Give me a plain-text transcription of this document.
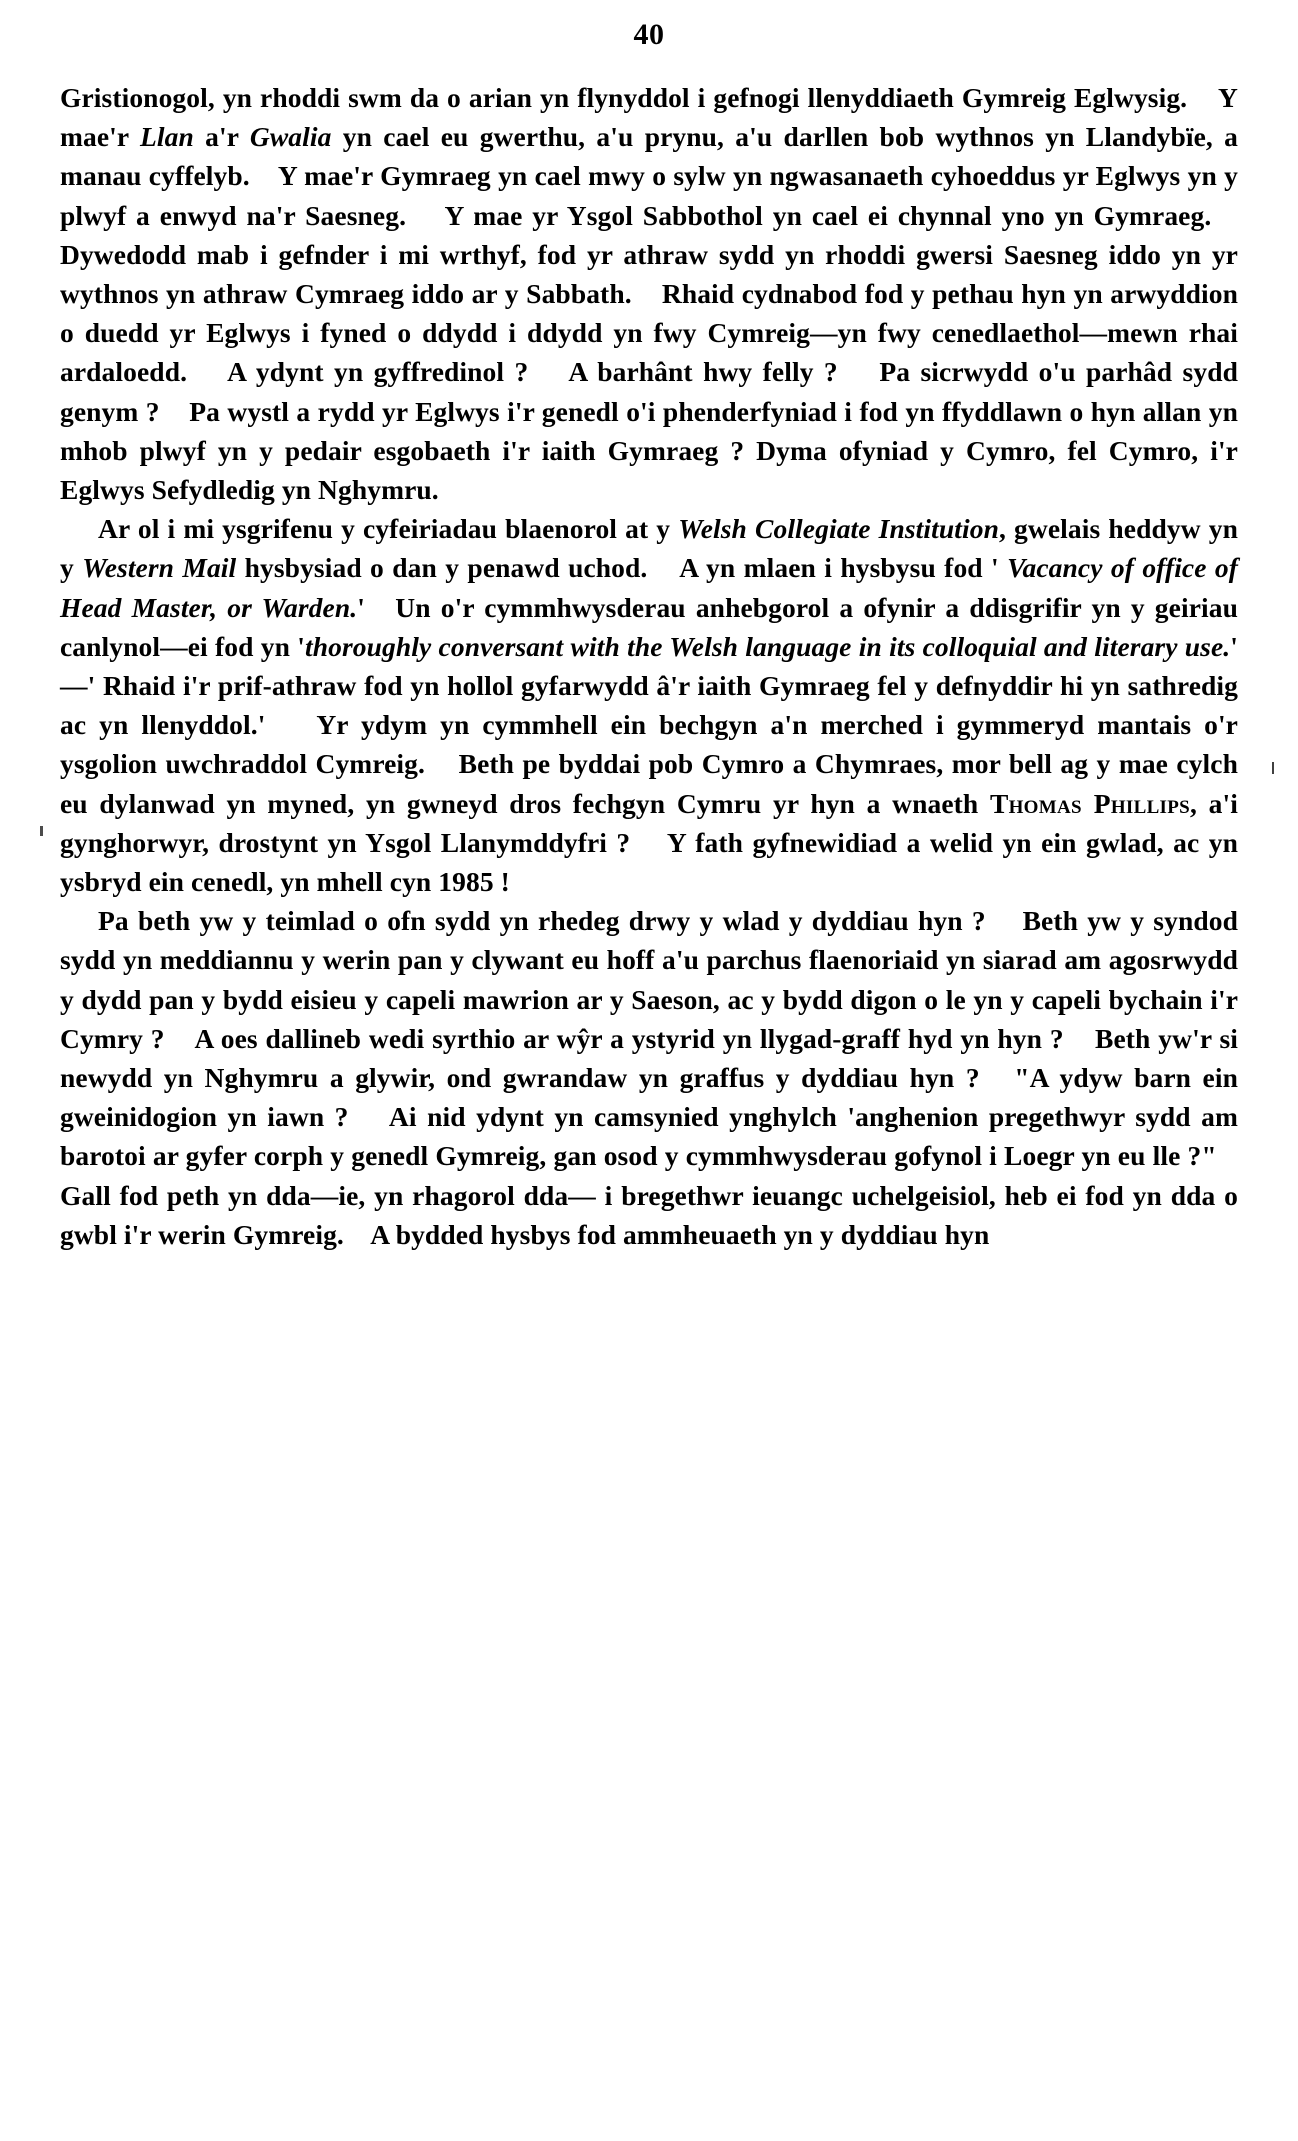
40

Gristionogol, yn rhoddi swm da o arian yn flynyddol i gefnogi llenyddiaeth Gymreig Eglwysig.    Y mae'r Llan a'r Gwalia yn cael eu gwerthu, a'u prynu, a'u darllen bob wythnos yn Llandybïe, a manau cyffelyb.    Y mae'r Gymraeg yn cael mwy o sylw yn ngwasanaeth cyhoeddus yr Eglwys yn y plwyf a enwyd na'r Saesneg.    Y mae yr Ysgol Sabbothol yn cael ei chynnal yno yn Gymraeg.    Dywedodd mab i gefnder i mi wrthyf, fod yr athraw sydd yn rhoddi gwersi Saesneg iddo yn yr wythnos yn athraw Cymraeg iddo ar y Sabbath.    Rhaid cydnabod fod y pethau hyn yn arwyddion o duedd yr Eglwys i fyned o ddydd i ddydd yn fwy Cymreig—yn fwy cenedlaethol—mewn rhai ardaloedd.    A ydynt yn gyffredinol ?    A barhânt hwy felly ?    Pa sicrwydd o'u parhâd sydd genym ?    Pa wystl a rydd yr Eglwys i'r genedl o'i phenderfyniad i fod yn ffyddlawn o hyn allan yn mhob plwyf yn y pedair esgobaeth i'r iaith Gymraeg ? Dyma ofyniad y Cymro, fel Cymro, i'r Eglwys Sefydledig yn Nghymru.

Ar ol i mi ysgrifenu y cyfeiriadau blaenorol at y Welsh Collegiate Institution, gwelais heddyw yn y Western Mail hysbysiad o dan y penawd uchod.    A yn mlaen i hysbysu fod ' Vacancy of office of Head Master, or Warden.'   Un o'r cymmhwysderau anhebgorol a ofynir a ddisgrifir yn y geiriau canlynol—ei fod yn 'thoroughly conversant with the Welsh language in its colloquial and literary use.' —' Rhaid i'r prif-athraw fod yn hollol gyfarwydd â'r iaith Gymraeg fel y defnyddir hi yn sathredig ac yn llenyddol.'    Yr ydym yn cymmhell ein bechgyn a'n merched i gymmeryd mantais o'r ysgolion uwchraddol Cymreig.    Beth pe byddai pob Cymro a Chymraes, mor bell ag y mae cylch eu dylanwad yn myned, yn gwneyd dros fechgyn Cymru yr hyn a wnaeth Thomas Phillips, a'i gynghorwyr, drostynt yn Ysgol Llanymddyfri ?    Y fath gyfnewidiad a welid yn ein gwlad, ac yn ysbryd ein cenedl, yn mhell cyn 1985 !

Pa beth yw y teimlad o ofn sydd yn rhedeg drwy y wlad y dyddiau hyn ?    Beth yw y syndod sydd yn meddiannu y werin pan y clywant eu hoff a'u parchus flaenoriaid yn siarad am agosrwydd y dydd pan y bydd eisieu y capeli mawrion ar y Saeson, ac y bydd digon o le yn y capeli bychain i'r Cymry ?    A oes dallineb wedi syrthio ar wŷr a ystyrid yn llygad-graff hyd yn hyn ?    Beth yw'r si newydd yn Nghymru a glywir, ond gwrandaw yn graffus y dyddiau hyn ?   "A ydyw barn ein gweinidogion yn iawn ?    Ai nid ydynt yn camsynied ynghylch 'anghenion pregethwyr sydd am barotoi ar gyfer corph y genedl Gymreig, gan osod y cymmhwysderau gofynol i Loegr yn eu lle ?"    Gall fod peth yn dda—ie, yn rhagorol dda— i bregethwr ieuangc uchelgeisiol, heb ei fod yn dda o gwbl i'r werin Gymreig.    A bydded hysbys fod ammheuaeth yn y dyddiau hyn
